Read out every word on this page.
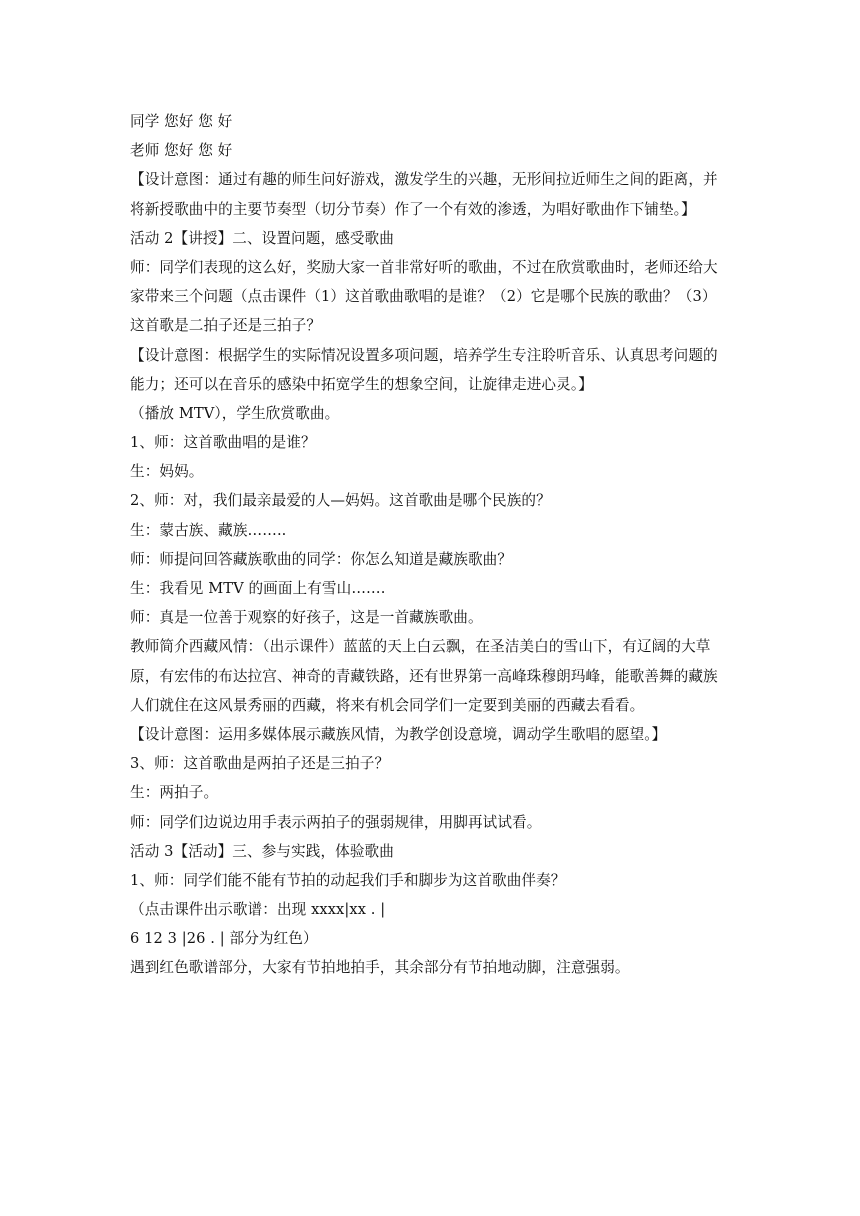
同学 您好 您 好
老师 您好 您 好
【设计意图：通过有趣的师生问好游戏，激发学生的兴趣，无形间拉近师生之间的距离，并
将新授歌曲中的主要节奏型（切分节奏）作了一个有效的渗透，为唱好歌曲作下铺垫。】
活动 2【讲授】二、设置问题，感受歌曲
师：同学们表现的这么好，奖励大家一首非常好听的歌曲，不过在欣赏歌曲时，老师还给大
家带来三个问题（点击课件（1）这首歌曲歌唱的是谁？（2）它是哪个民族的歌曲？（3）
这首歌是二拍子还是三拍子？
【设计意图：根据学生的实际情况设置多项问题，培养学生专注聆听音乐、认真思考问题的
能力；还可以在音乐的感染中拓宽学生的想象空间，让旋律走进心灵。】
（播放 MTV），学生欣赏歌曲。
1、师：这首歌曲唱的是谁？
生：妈妈。
2、师：对，我们最亲最爱的人—妈妈。这首歌曲是哪个民族的？
生：蒙古族、藏族……..
师：师提问回答藏族歌曲的同学：你怎么知道是藏族歌曲？
生：我看见 MTV 的画面上有雪山…….
师：真是一位善于观察的好孩子，这是一首藏族歌曲。
教师简介西藏风情：（出示课件）蓝蓝的天上白云飘，在圣洁美白的雪山下，有辽阔的大草
原，有宏伟的布达拉宫、神奇的青藏铁路，还有世界第一高峰珠穆朗玛峰，能歌善舞的藏族
人们就住在这风景秀丽的西藏，将来有机会同学们一定要到美丽的西藏去看看。
【设计意图：运用多媒体展示藏族风情，为教学创设意境，调动学生歌唱的愿望。】
3、师：这首歌曲是两拍子还是三拍子？
生：两拍子。
师：同学们边说边用手表示两拍子的强弱规律，用脚再试试看。
活动 3【活动】三、参与实践，体验歌曲
1、师：同学们能不能有节拍的动起我们手和脚步为这首歌曲伴奏？
（点击课件出示歌谱：出现 xxxx|xx . |
6 12 3 |26 . | 部分为红色）
遇到红色歌谱部分，大家有节拍地拍手，其余部分有节拍地动脚，注意强弱。
